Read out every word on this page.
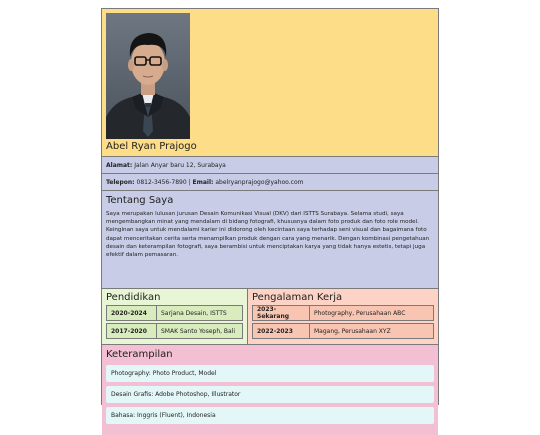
Abel Ryan Prajogo
Alamat: Jalan Anyar baru 12, Surabaya
Telepon: 0812-3456-7890 | Email: abelryanprajogo@yahoo.com
Tentang Saya

Saya merupakan lulusan jurusan Desain Komunikasi Visual (DKV) dari ISTTS Surabaya. Selama studi, saya mengembangkan minat yang mendalam di bidang fotografi, khususnya dalam foto produk dan foto role model. Keinginan saya untuk mendalami karier ini didorong oleh kecintaan saya terhadap seni visual dan bagaimana foto dapat menceritakan cerita serta menampilkan produk dengan cara yang menarik. Dengan kombinasi pengetahuan desain dan keterampilan fotografi, saya berambisi untuk menciptakan karya yang tidak hanya estetis, tetapi juga efektif dalam pemasaran.

Pendidikan
2020-2024	Sarjana Desain, ISTTS

2017-2020	SMAK Santo Yoseph, Bali
Pengalaman Kerja
2023-Sekarang	Photography, Perusahaan ABC

2022-2023	Magang, Perusahaan XYZ
Keterampilan
Photography: Photo Product, Model
Desain Grafis: Adobe Photoshop, Illustrator
Bahasa: Inggris (Fluent), Indonesia
